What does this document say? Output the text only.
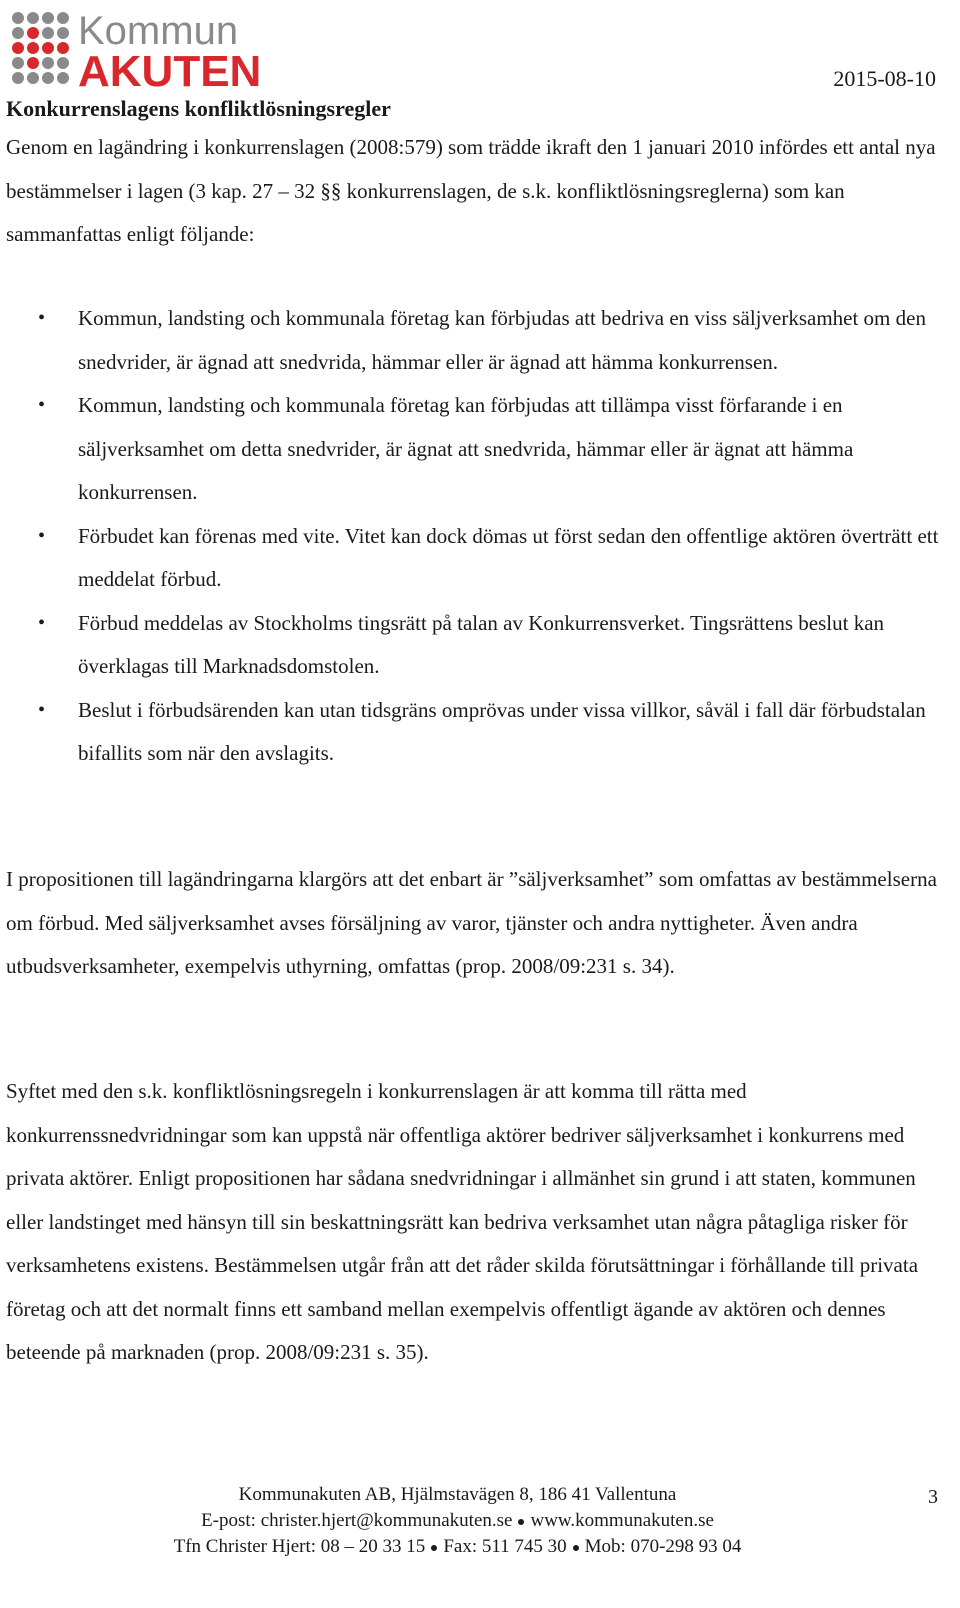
Kommun
AKUTEN	2015-08-10
Konkurrenslagens konfliktlösningsregler

Genom en lagändring i konkurrenslagen (2008:579) som trädde ikraft den 1 januari 2010 infördes ett antal nya bestämmelser i lagen (3 kap. 27 – 32 §§ konkurrenslagen, de s.k. konfliktlösningsreglerna) som kan sammanfattas enligt följande:

• Kommun, landsting och kommunala företag kan förbjudas att bedriva en viss säljverksamhet om den snedvrider, är ägnad att snedvrida, hämmar eller är ägnad att hämma konkurrensen.
• Kommun, landsting och kommunala företag kan förbjudas att tillämpa visst förfarande i en säljverksamhet om detta snedvrider, är ägnat att snedvrida, hämmar eller är ägnat att hämma konkurrensen.
• Förbudet kan förenas med vite. Vitet kan dock dömas ut först sedan den offentlige aktören överträtt ett meddelat förbud.
• Förbud meddelas av Stockholms tingsrätt på talan av Konkurrensverket. Tingsrättens beslut kan överklagas till Marknadsdomstolen.
• Beslut i förbudsärenden kan utan tidsgräns omprövas under vissa villkor, såväl i fall där förbudstalan bifallits som när den avslagits.

I propositionen till lagändringarna klargörs att det enbart är ”säljverksamhet” som omfattas av bestämmelserna om förbud. Med säljverksamhet avses försäljning av varor, tjänster och andra nyttigheter. Även andra utbudsverksamheter, exempelvis uthyrning, omfattas (prop. 2008/09:231 s. 34).

Syftet med den s.k. konfliktlösningsregeln i konkurrenslagen är att komma till rätta med konkurrenssnedvridningar som kan uppstå när offentliga aktörer bedriver säljverksamhet i konkurrens med privata aktörer. Enligt propositionen har sådana snedvridningar i allmänhet sin grund i att staten, kommunen eller landstinget med hänsyn till sin beskattningsrätt kan bedriva verksamhet utan några påtagliga risker för verksamhetens existens. Bestämmelsen utgår från att det råder skilda förutsättningar i förhållande till privata företag och att det normalt finns ett samband mellan exempelvis offentligt ägande av aktören och dennes beteende på marknaden (prop. 2008/09:231 s. 35).

Kommunakuten AB, Hjälmstavägen 8, 186 41 Vallentuna
E-post: christer.hjert@kommunakuten.se www.kommunakuten.se
Tfn Christer Hjert: 08 – 20 33 15 Fax: 511 745 30 Mob: 070-298 93 04
3
